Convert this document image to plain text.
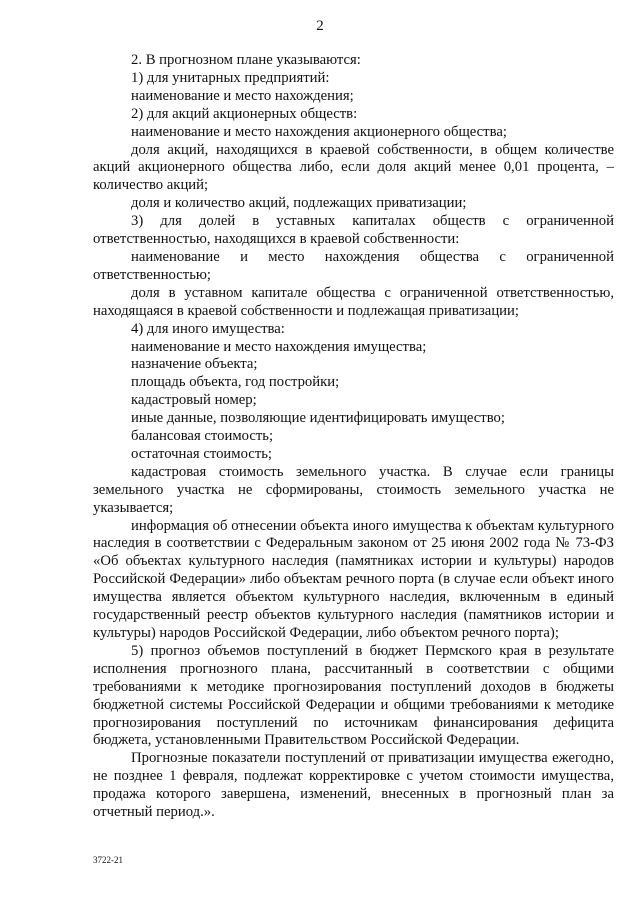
2

2. В прогнозном плане указываются:

1) для унитарных предприятий:

наименование и место нахождения;

2) для акций акционерных обществ:

наименование и место нахождения акционерного общества;

доля акций, находящихся в краевой собственности, в общем количестве акций акционерного общества либо, если доля акций менее 0,01 процента, – количество акций;

доля и количество акций, подлежащих приватизации;

3) для долей в уставных капиталах обществ с ограниченной ответственностью, находящихся в краевой собственности:

наименование и место нахождения общества с ограниченной ответственностью;

доля в уставном капитале общества с ограниченной ответственностью, находящаяся в краевой собственности и подлежащая приватизации;

4) для иного имущества:

наименование и место нахождения имущества;

назначение объекта;

площадь объекта, год постройки;

кадастровый номер;

иные данные, позволяющие идентифицировать имущество;

балансовая стоимость;

остаточная стоимость;

кадастровая стоимость земельного участка. В случае если границы земельного участка не сформированы, стоимость земельного участка не указывается;

информация об отнесении объекта иного имущества к объектам культурного наследия в соответствии с Федеральным законом от 25 июня 2002 года № 73-ФЗ «Об объектах культурного наследия (памятниках истории и культуры) народов Российской Федерации» либо объектам речного порта (в случае если объект иного имущества является объектом культурного наследия, включенным в единый государственный реестр объектов культурного наследия (памятников истории и культуры) народов Российской Федерации, либо объектом речного порта);

5) прогноз объемов поступлений в бюджет Пермского края в результате исполнения прогнозного плана, рассчитанный в соответствии с общими требованиями к методике прогнозирования поступлений доходов в бюджеты бюджетной системы Российской Федерации и общими требованиями к методике прогнозирования поступлений по источникам финансирования дефицита бюджета, установленными Правительством Российской Федерации.

Прогнозные показатели поступлений от приватизации имущества ежегодно, не позднее 1 февраля, подлежат корректировке с учетом стоимости имущества, продажа которого завершена, изменений, внесенных в прогнозный план за отчетный период.».

3722-21
